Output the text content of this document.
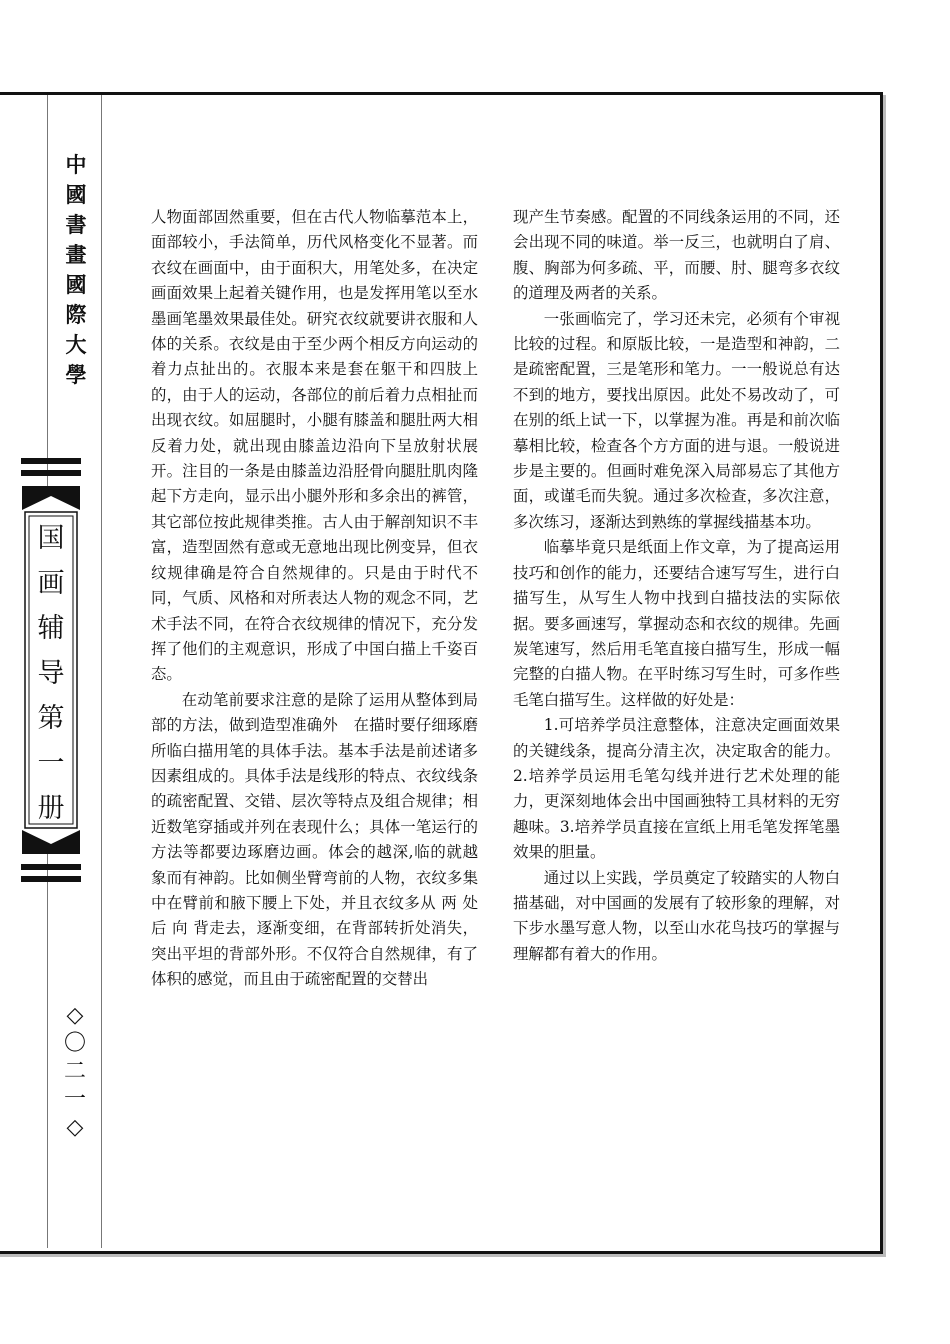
中
國
書
畫
國
際
大
學
国
画
辅
导
第
一
册
◇
〇
二
一
◇

人物面部固然重要，但在古代人物临摹范本上，面部较小，手法简单，历代风格变化不显著。而衣纹在画面中，由于面积大，用笔处多，在决定画面效果上起着关键作用，也是发挥用笔以至水墨画笔墨效果最佳处。研究衣纹就要讲衣服和人体的关系。衣纹是由于至少两个相反方向运动的着力点扯出的。衣服本来是套在躯干和四肢上的，由于人的运动，各部位的前后着力点相扯而出现衣纹。如屈腿时，小腿有膝盖和腿肚两大相反着力处，就出现由膝盖边沿向下呈放射状展开。注目的一条是由膝盖边沿胫骨向腿肚肌肉隆起下方走向，显示出小腿外形和多余出的裤管，其它部位按此规律类推。古人由于解剖知识不丰富，造型固然有意或无意地出现比例变异，但衣纹规律确是符合自然规律的。只是由于时代不同，气质、风格和对所表达人物的观念不同，艺术手法不同，在符合衣纹规律的情况下，充分发挥了他们的主观意识，形成了中国白描上千姿百态。

在动笔前要求注意的是除了运用从整体到局部的方法，做到造型准确外　在描时要仔细琢磨所临白描用笔的具体手法。基本手法是前述诸多因素组成的。具体手法是线形的特点、衣纹线条的疏密配置、交错、层次等特点及组合规律；相近数笔穿插或并列在表现什么；具体一笔运行的方法等都要边琢磨边画。体会的越深,临的就越象而有神韵。比如侧坐臂弯前的人物，衣纹多集中在臂前和腋下腰上下处，并且衣纹多从 两 处 后 向 背走去，逐渐变细，在背部转折处消失，突出平坦的背部外形。不仅符合自然规律，有了体积的感觉，而且由于疏密配置的交替出

现产生节奏感。配置的不同线条运用的不同，还会出现不同的味道。举一反三，也就明白了肩、腹、胸部为何多疏、平，而腰、肘、腿弯多衣纹的道理及两者的关系。

一张画临完了，学习还未完，必须有个审视比较的过程。和原版比较，一是造型和神韵，二是疏密配置，三是笔形和笔力。一一般说总有达不到的地方，要找出原因。此处不易改动了，可在别的纸上试一下，以掌握为准。再是和前次临摹相比较，检查各个方方面的进与退。一般说进步是主要的。但画时难免深入局部易忘了其他方面，或谨毛而失貌。通过多次检查，多次注意，多次练习，逐渐达到熟练的掌握线描基本功。

临摹毕竟只是纸面上作文章，为了提高运用技巧和创作的能力，还要结合速写写生，进行白描写生，从写生人物中找到白描技法的实际依据。要多画速写，掌握动态和衣纹的规律。先画炭笔速写，然后用毛笔直接白描写生，形成一幅完整的白描人物。在平时练习写生时，可多作些毛笔白描写生。这样做的好处是：

1.可培养学员注意整体，注意决定画面效果的关键线条，提高分清主次，决定取舍的能力。2.培养学员运用毛笔勾线并进行艺术处理的能力，更深刻地体会出中国画独特工具材料的无穷趣味。3.培养学员直接在宣纸上用毛笔发挥笔墨效果的胆量。

通过以上实践，学员奠定了较踏实的人物白描基础，对中国画的发展有了较形象的理解，对下步水墨写意人物，以至山水花鸟技巧的掌握与理解都有着大的作用。
